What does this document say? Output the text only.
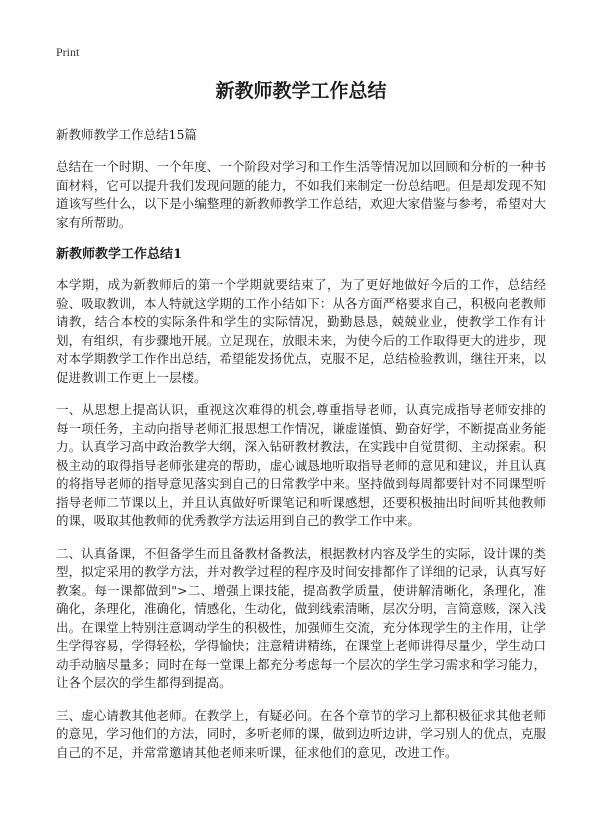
Print
新教师教学工作总结
新教师教学工作总结15篇

总结在一个时期、一个年度、一个阶段对学习和工作生活等情况加以回顾和分析的一种书面材料，它可以提升我们发现问题的能力，不如我们来制定一份总结吧。但是却发现不知道该写些什么，以下是小编整理的新教师教学工作总结，欢迎大家借鉴与参考，希望对大家有所帮助。

新教师教学工作总结1

本学期，成为新教师后的第一个学期就要结束了，为了更好地做好今后的工作，总结经验、吸取教训，本人特就这学期的工作小结如下：从各方面严格要求自己，积极向老教师请教，结合本校的实际条件和学生的实际情况，勤勤恳恳，兢兢业业，使教学工作有计划，有组织，有步骤地开展。立足现在，放眼未来，为使今后的工作取得更大的进步，现对本学期教学工作作出总结，希望能发扬优点，克服不足，总结检验教训，继往开来，以促进教训工作更上一层楼。

一、从思想上提高认识，重视这次难得的机会,尊重指导老师，认真完成指导老师安排的每一项任务，主动向指导老师汇报思想工作情况，谦虚谨慎、勤奋好学，不断提高业务能力。认真学习高中政治教学大纲，深入钻研教材教法，在实践中自觉贯彻、主动探索。积极主动的取得指导老师张建亮的帮助，虚心诚恳地听取指导老师的意见和建议，并且认真的将指导老师的指导意见落实到自己的日常教学中来。坚持做到每周都要针对不同课型听指导老师二节课以上，并且认真做好听课笔记和听课感想，还要积极抽出时间听其他教师的课，吸取其他教师的优秀教学方法运用到自己的教学工作中来。

二、认真备课，不但备学生而且备教材备教法，根据教材内容及学生的实际，设计课的类型，拟定采用的教学方法，并对教学过程的程序及时间安排都作了详细的记录，认真写好教案。每一课都做到">二、增强上课技能，提高教学质量，使讲解清晰化，条理化，准确化，条理化，准确化，情感化，生动化，做到线索清晰，层次分明，言简意赅，深入浅出。在课堂上特别注意调动学生的积极性，加强师生交流，充分体现学生的主作用，让学生学得容易，学得轻松，学得愉快；注意精讲精练，在课堂上老师讲得尽量少，学生动口动手动脑尽量多；同时在每一堂课上都充分考虑每一个层次的学生学习需求和学习能力，让各个层次的学生都得到提高。

三、虚心请教其他老师。在教学上，有疑必问。在各个章节的学习上都积极征求其他老师的意见，学习他们的方法，同时，多听老师的课，做到边听边讲，学习别人的优点，克服自己的不足，并常常邀请其他老师来听课，征求他们的意见，改进工作。
